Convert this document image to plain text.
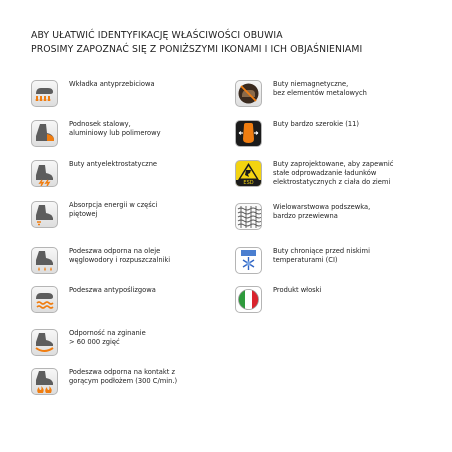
ABY UŁATWIĆ IDENTYFIKACJĘ WŁAŚCIWOŚCI OBUWIA
PROSIMY ZAPOZNAĆ SIĘ Z PONIŻSZYMI IKONAMI I ICH OBJAŚNIENIAMI
Wkładka antyprzebiciowa
Podnosek stalowy,
aluminiowy lub polimerowy
Buty antyelektrostatyczne
Absorpcja energii w części
piętowej
Podeszwa odporna na oleje
węglowodory i rozpuszczalniki
Podeszwa antypoślizgowa
Odporność na zginanie
> 60 000 zgięć
Podeszwa odporna na kontakt z
gorącym podłożem (300 C/min.)
Buty niemagnetyczne,
bez elementów metalowych
Buty bardzo szerokie (11)
ESD
Buty zaprojektowane, aby zapewnić
stałe odprowadzanie ładunków
elektrostatycznych z ciała do ziemi
Wielowarstwowa podszewka,
bardzo przewiewna
Buty chroniące przed niskimi
temperaturami (CI)
Produkt włoski
